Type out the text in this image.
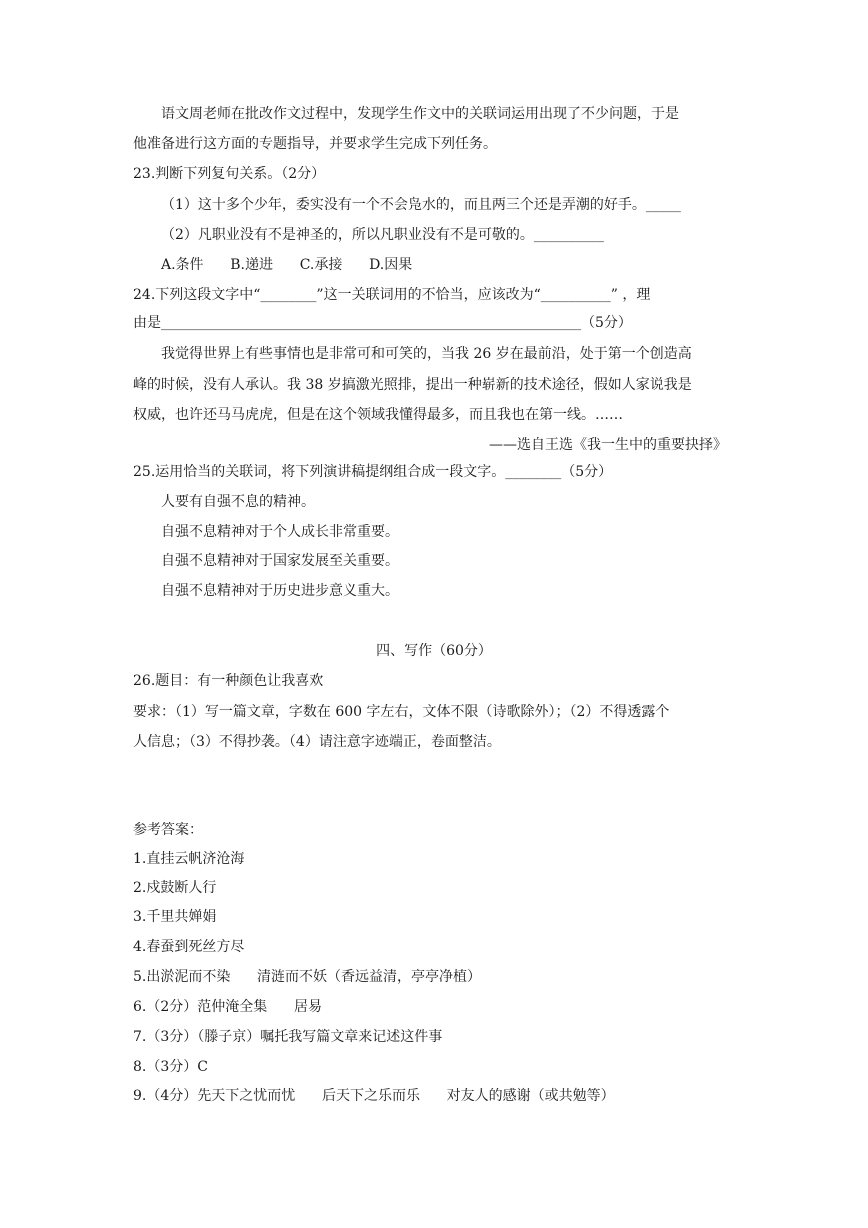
语文周老师在批改作文过程中，发现学生作文中的关联词运用出现了不少问题，于是
他准备进行这方面的专题指导，并要求学生完成下列任务。
23.判断下列复句关系。（2分）
（1）这十多个少年，委实没有一个不会凫水的，而且两三个还是弄潮的好手。_____
（2）凡职业没有不是神圣的，所以凡职业没有不是可敬的。__________
A.条件      B.递进      C.承接      D.因果
24.下列这段文字中“________”这一关联词用的不恰当，应该改为“__________” ，理
由是____________________________________________________________（5分）
我觉得世界上有些事情也是非常可和可笑的，当我 26 岁在最前沿，处于第一个创造高
峰的时候，没有人承认。我 38 岁搞激光照排，提出一种崭新的技术途径，假如人家说我是
权威，也许还马马虎虎，但是在这个领域我懂得最多，而且我也在第一线。……
——选自王选《我一生中的重要抉择》
25.运用恰当的关联词，将下列演讲稿提纲组合成一段文字。________（5分）
人要有自强不息的精神。
自强不息精神对于个人成长非常重要。
自强不息精神对于国家发展至关重要。
自强不息精神对于历史进步意义重大。
四、写作（60分）
26.题目：有一种颜色让我喜欢
要求：（1）写一篇文章，字数在 600 字左右，文体不限（诗歌除外）；（2）不得透露个
人信息；（3）不得抄袭。（4）请注意字迹端正，卷面整洁。
参考答案：
1.直挂云帆济沧海
2.戍鼓断人行
3.千里共婵娟
4.春蚕到死丝方尽
5.出淤泥而不染      清涟而不妖（香远益清，亭亭净植）
6.（2分）范仲淹全集      居易
7.（3分）（滕子京）嘱托我写篇文章来记述这件事
8.（3分）C
9.（4分）先天下之忧而忧      后天下之乐而乐      对友人的感谢（或共勉等）
